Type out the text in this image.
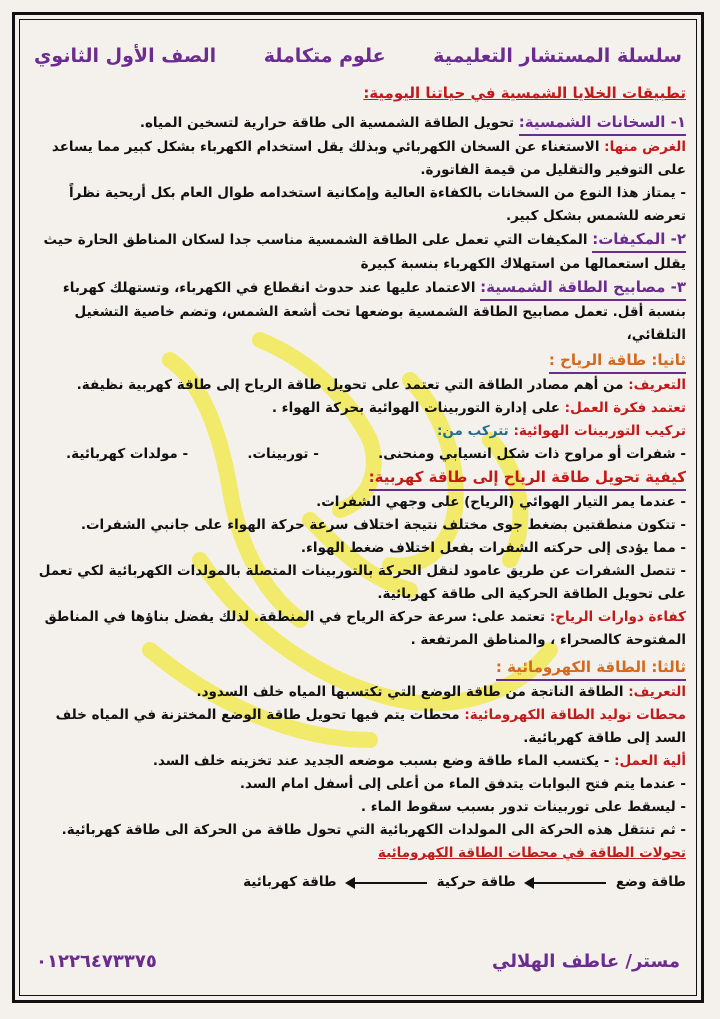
سلسلة المستشار التعليمية
علوم متكاملة
الصف الأول الثانوي
تطبيقات الخلايا الشمسية في حياتنا اليومية:
١- السخانات الشمسية: تحويل الطاقة الشمسية الى طاقة حرارية لتسخين المياه.
الغرض منها: الاستغناء عن السخان الكهربائي وبذلك يقل استخدام الكهرباء بشكل كبير مما يساعد على التوفير والتقليل من قيمة الفاتورة.
- يمتاز هذا النوع من السخانات بالكفاءة العالية وإمكانية استخدامه طوال العام بكل أريحية نظراً تعرضه للشمس بشكل كبير.
٢- المكيفات: المكيفات التي تعمل على الطاقة الشمسية مناسب جدا لسكان المناطق الحارة حيث يقلل استعمالها من استهلاك الكهرباء بنسبة كبيرة
٣- مصابيح الطاقة الشمسية: الاعتماد عليها عند حدوث انقطاع في الكهرباء، وتستهلك كهرباء بنسبة أقل. تعمل مصابيح الطاقة الشمسية بوضعها تحت أشعة الشمس، وتضم خاصية التشغيل التلقائي،
ثانيا: طاقة الرياح :
التعريف: من أهم مصادر الطاقة التي تعتمد على تحويل طاقة الرياح إلى طاقة كهربية نظيفة.
تعتمد فكرة العمل: على إدارة التوربينات الهوائية بحركة الهواء .
تركيب التوربينات الهوائية: تتركب من:
- شفرات أو مراوح ذات شكل انسيابي ومنحنى.
- توربينات.
- مولدات كهربائية.
كيفية تحويل طاقة الرياح إلى طاقة كهربية:
- عندما يمر التيار الهوائي (الرياح) على وجهي الشفرات.
- تتكون منطقتين بضغط جوى مختلف نتيجة اختلاف سرعة حركة الهواء على جانبي الشفرات.
- مما يؤدى إلى حركته الشفرات بفعل اختلاف ضغط الهواء.
- تتصل الشفرات عن طريق عامود لنقل الحركة بالتوربينات المتصلة بالمولدات الكهربائية لكي تعمل على تحويل الطاقة الحركية الى طاقة كهربائية.
كفاءة دوارات الرياح: تعتمد على: سرعة حركة الرياح في المنطقة. لذلك يفضل بناؤها في المناطق المفتوحة كالصحراء ، والمناطق المرتفعة .
ثالثا: الطاقة الكهرومائية :
التعريف: الطاقة الناتجة من طاقة الوضع التي تكتسبها المياه خلف السدود.
محطات توليد الطاقة الكهرومائية: محطات يتم فيها تحويل طاقة الوضع المختزنة في المياه خلف السد إلى طاقة كهربائية.
ألية العمل: - يكتسب الماء طاقة وضع بسبب موضعه الجديد عند تخزينه خلف السد.
- عندما يتم فتح البوابات يتدفق الماء من أعلى إلى أسفل امام السد.
- ليسقط على توربينات تدور بسبب سقوط الماء .
- ثم تنتقل هذه الحركة الى المولدات الكهربائية التي تحول طاقة من الحركة الى طاقة كهربائية.
تحولات الطاقة في محطات الطاقة الكهرومائية
طاقة وضع
طاقة حركية
طاقة كهربائية
مستر/ عاطف الهلالي
٠١٢٢٦٤٧٣٣٧٥
